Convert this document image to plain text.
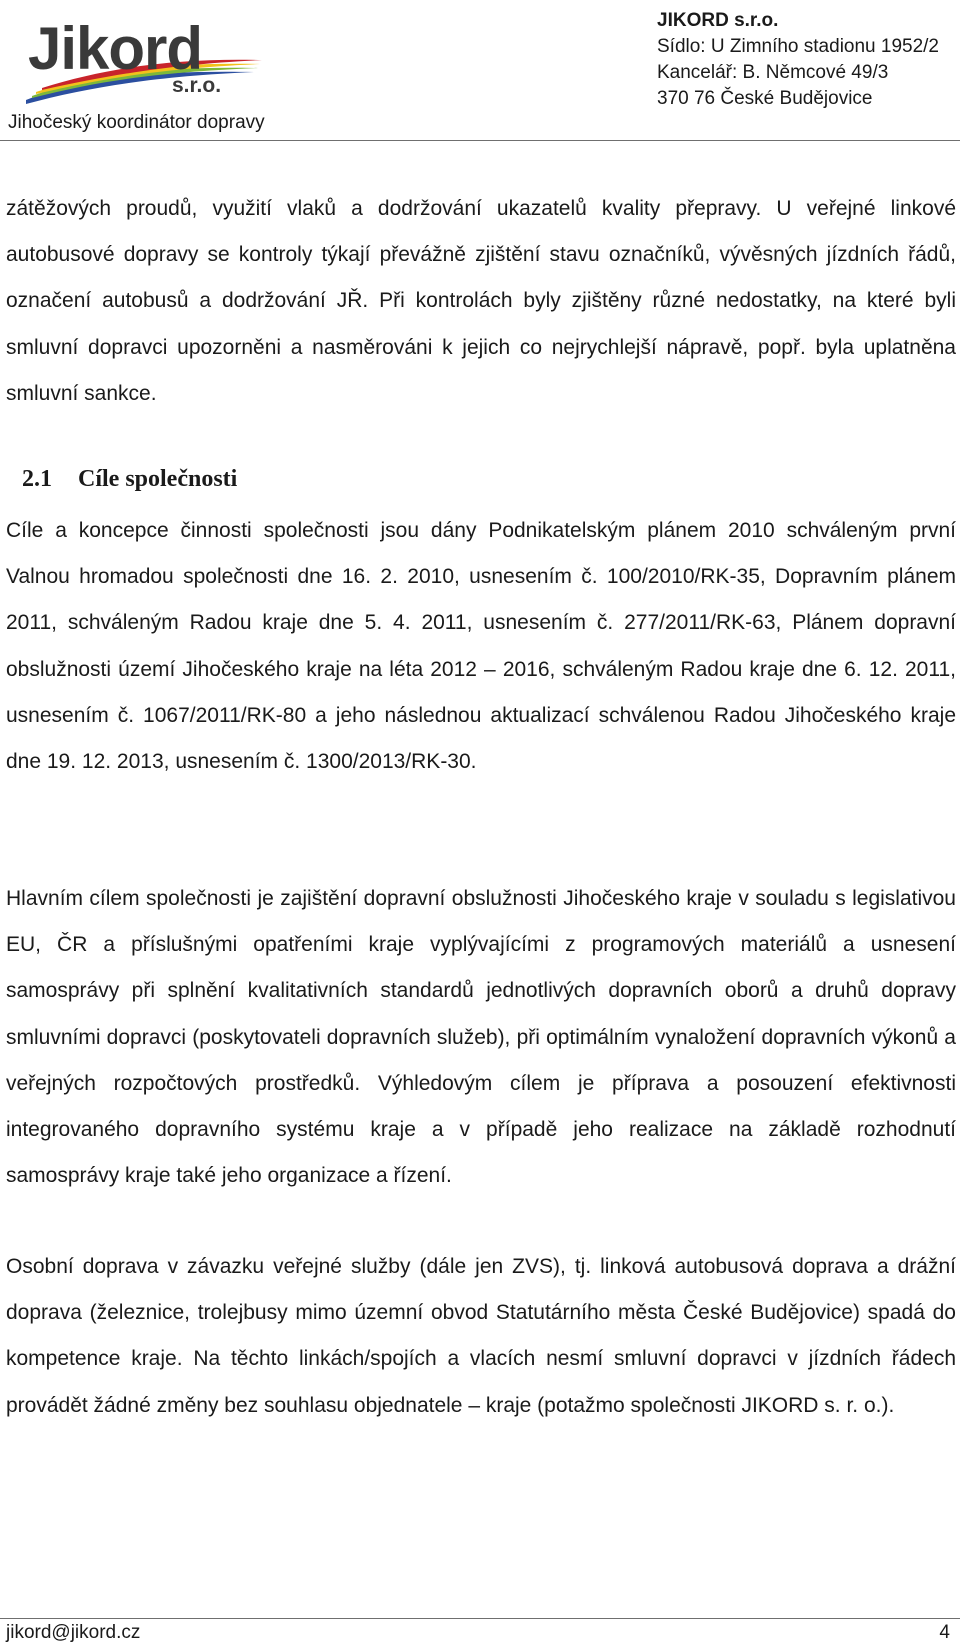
Jikord
s.r.o.
Jihočeský koordinátor dopravy
JIKORD s.r.o.
Sídlo: U Zimního stadionu 1952/2
Kancelář: B. Němcové 49/3
370 76 České Budějovice
zátěžových proudů, využití vlaků a dodržování ukazatelů kvality přepravy. U veřejné linkové autobusové dopravy se kontroly týkají převážně zjištění stavu označníků, vývěsných jízdních řádů, označení autobusů a dodržování JŘ. Při kontrolách byly zjištěny různé nedostatky, na které byli smluvní dopravci upozorněni a nasměrováni k jejich co nejrychlejší nápravě, popř. byla uplatněna smluvní sankce.
2.1 Cíle společnosti
Cíle a koncepce činnosti společnosti jsou dány Podnikatelským plánem 2010 schváleným první Valnou hromadou společnosti dne 16. 2. 2010, usnesením č. 100/2010/RK-35, Dopravním plánem 2011, schváleným Radou kraje dne 5. 4. 2011, usnesením č. 277/2011/RK-63, Plánem dopravní obslužnosti území Jihočeského kraje na léta 2012 – 2016, schváleným Radou kraje dne 6. 12. 2011, usnesením č. 1067/2011/RK-80 a jeho následnou aktualizací schválenou Radou Jihočeského kraje dne 19. 12. 2013, usnesením č. 1300/2013/RK-30.
Hlavním cílem společnosti je zajištění dopravní obslužnosti Jihočeského kraje v souladu s legislativou EU, ČR a příslušnými opatřeními kraje vyplývajícími z programových materiálů a usnesení samosprávy při splnění kvalitativních standardů jednotlivých dopravních oborů a druhů dopravy smluvními dopravci (poskytovateli dopravních služeb), při optimálním vynaložení dopravních výkonů a veřejných rozpočtových prostředků. Výhledovým cílem je příprava a posouzení efektivnosti integrovaného dopravního systému kraje a v případě jeho realizace na základě rozhodnutí samosprávy kraje také jeho organizace a řízení.
Osobní doprava v závazku veřejné služby (dále jen ZVS), tj. linková autobusová doprava a drážní doprava (železnice, trolejbusy mimo územní obvod Statutárního města České Budějovice) spadá do kompetence kraje. Na těchto linkách/spojích a vlacích nesmí smluvní dopravci v jízdních řádech provádět žádné změny bez souhlasu objednatele – kraje (potažmo společnosti JIKORD s. r. o.).
jikord@jikord.cz	4
